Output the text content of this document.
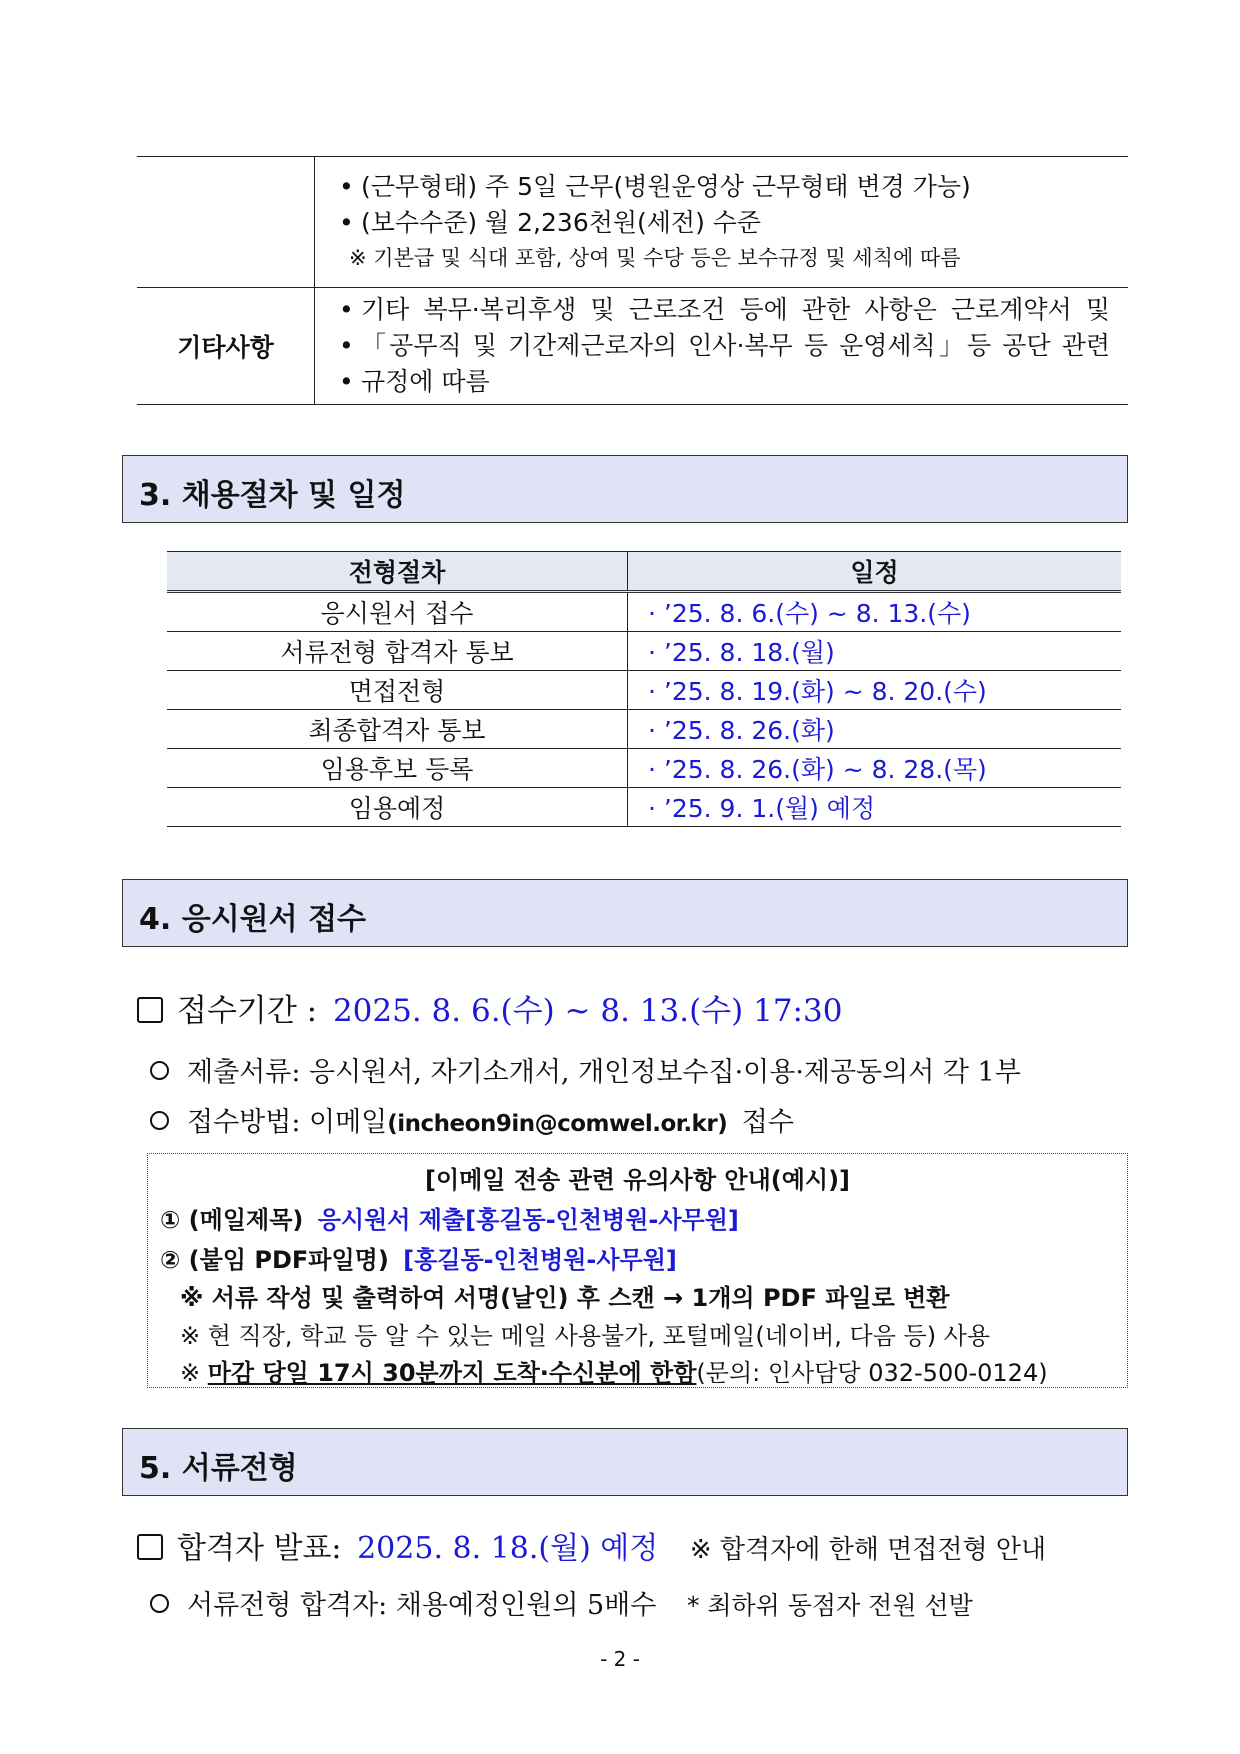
	• (근무형태) 주 5일 근무(병원운영상 근무형태 변경 가능)
• (보수수준) 월 2,236천원(세전) 수준
※ 기본급 및 식대 포함, 상여 및 수당 등은 보수규정 및 세칙에 따름

기타사항	• 기타 복무·복리후생 및 근로조건 등에 관한 사항은 근로계약서 및
• 「공무직 및 기간제근로자의 인사·복무 등 운영세칙」등 공단 관련

• 규정에 따름

3. 채용절차 및 일정
전형절차	일정
응시원서 접수	· ’25. 8. 6.(수) ~ 8. 13.(수)
서류전형 합격자 통보	· ’25. 8. 18.(월)
면접전형	· ’25. 8. 19.(화) ~ 8. 20.(수)
최종합격자 통보	· ’25. 8. 26.(화)
임용후보 등록	· ’25. 8. 26.(화) ~ 8. 28.(목)
임용예정	· ’25. 9. 1.(월) 예정
4. 응시원서 접수
접수기간 : 2025. 8. 6.(수) ~ 8. 13.(수) 17:30
제출서류: 응시원서, 자기소개서, 개인정보수집·이용·제공동의서 각 1부
접수방법: 이메일(incheon9in@comwel.or.kr) 접수
[이메일 전송 관련 유의사항 안내(예시)]
① (메일제목) 응시원서 제출[홍길동-인천병원-사무원]
② (붙임 PDF파일명) [홍길동-인천병원-사무원]
※ 서류 작성 및 출력하여 서명(날인) 후 스캔 → 1개의 PDF 파일로 변환
※ 현 직장, 학교 등 알 수 있는 메일 사용불가, 포털메일(네이버, 다음 등) 사용
※ 마감 당일 17시 30분까지 도착·수신분에 한함(문의: 인사담당 032-500-0124)
5. 서류전형
합격자 발표: 2025. 8. 18.(월) 예정 ※ 합격자에 한해 면접전형 안내
서류전형 합격자: 채용예정인원의 5배수 * 최하위 동점자 전원 선발
- 2 -
